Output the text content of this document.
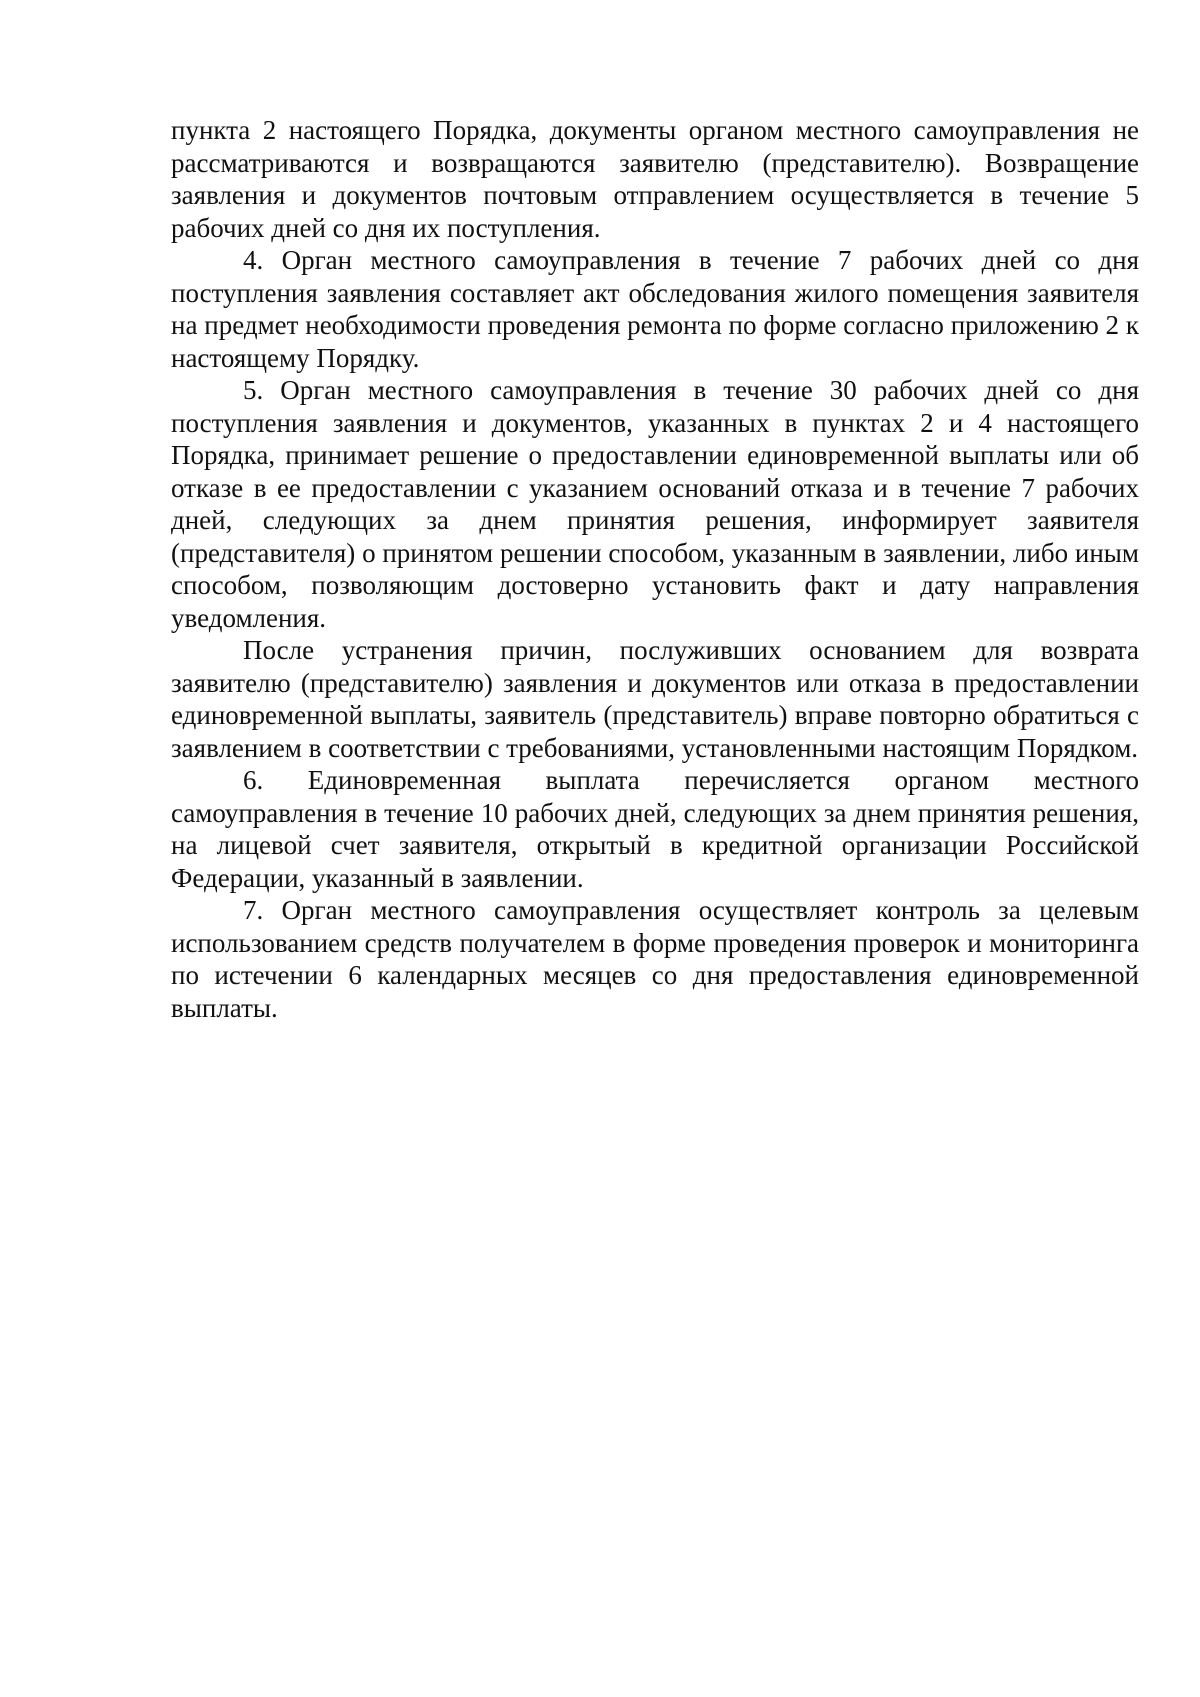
пункта 2 настоящего Порядка, документы органом местного самоуправления не рассматриваются и возвращаются заявителю (представителю). Возвращение заявления и документов почтовым отправлением осуществляется в течение 5 рабочих дней со дня их поступления.

4. Орган местного самоуправления в течение 7 рабочих дней со дня поступления заявления составляет акт обследования жилого помещения заявителя на предмет необходимости проведения ремонта по форме согласно приложению 2 к настоящему Порядку.

5. Орган местного самоуправления в течение 30 рабочих дней со дня поступления заявления и документов, указанных в пунктах 2 и 4 настоящего Порядка, принимает решение о предоставлении единовременной выплаты или об отказе в ее предоставлении с указанием оснований отказа и в течение 7 рабочих дней, следующих за днем принятия решения, информирует заявителя (представителя) о принятом решении способом, указанным в заявлении, либо иным способом, позволяющим достоверно установить факт и дату направления уведомления.

После устранения причин, послуживших основанием для возврата заявителю (представителю) заявления и документов или отказа в предоставлении единовременной выплаты, заявитель (представитель) вправе повторно обратиться с заявлением в соответствии с требованиями, установленными настоящим Порядком.

6. Единовременная выплата перечисляется органом местного самоуправления в течение 10 рабочих дней, следующих за днем принятия решения, на лицевой счет заявителя, открытый в кредитной организации Российской Федерации, указанный в заявлении.

7. Орган местного самоуправления осуществляет контроль за целевым использованием средств получателем в форме проведения проверок и мониторинга по истечении 6 календарных месяцев со дня предоставления единовременной выплаты.
